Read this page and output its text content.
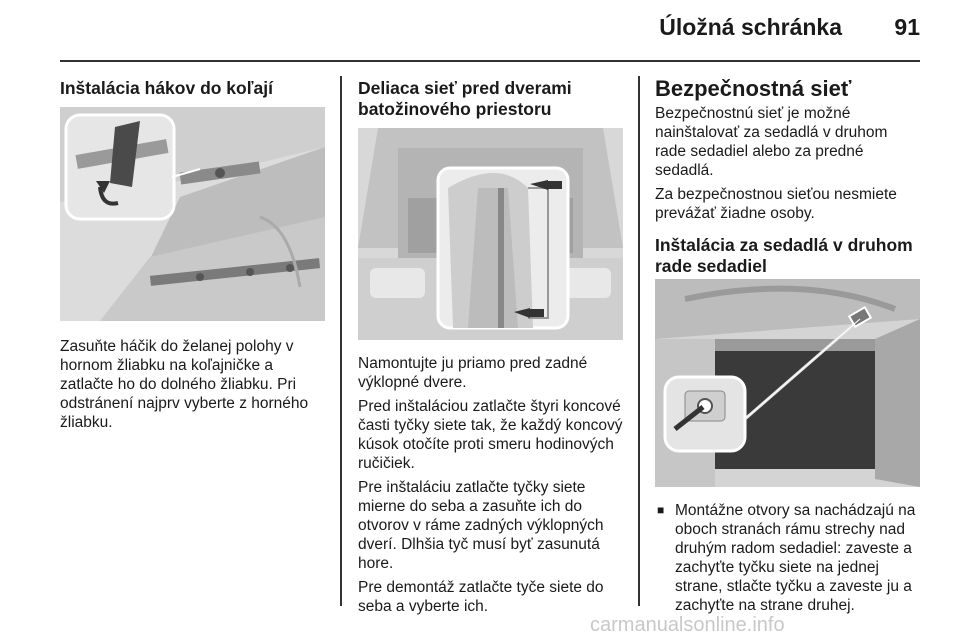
Úložná schránka 91
Inštalácia hákov do koľají

Zasuňte háčik do želanej polohy v hornom žliabku na koľajničke a zatlačte ho do dolného žliabku. Pri odstránení najprv vyberte z horného žliabku.

Deliaca sieť pred dverami batožinového priestoru

Namontujte ju priamo pred zadné výklopné dvere.

Pred inštaláciou zatlačte štyri koncové časti tyčky siete tak, že každý koncový kúsok otočíte proti smeru hodinových ručičiek.

Pre inštaláciu zatlačte tyčky siete mierne do seba a zasuňte ich do otvorov v ráme zadných výklopných dverí. Dlhšia tyč musí byť zasunutá hore.

Pre demontáž zatlačte tyče siete do seba a vyberte ich.

Bezpečnostná sieť

Bezpečnostnú sieť je možné nainštalovať za sedadlá v druhom rade sedadiel alebo za predné sedadlá.

Za bezpečnostnou sieťou nesmiete prevážať žiadne osoby.

Inštalácia za sedadlá v druhom rade sedadiel
■ Montážne otvory sa nachádzajú na oboch stranách rámu strechy nad druhým radom sedadiel: zaveste a zachyťte tyčku siete na jednej strane, stlačte tyčku a zaveste ju a zachyťte na strane druhej.
carmanualsonline.info
